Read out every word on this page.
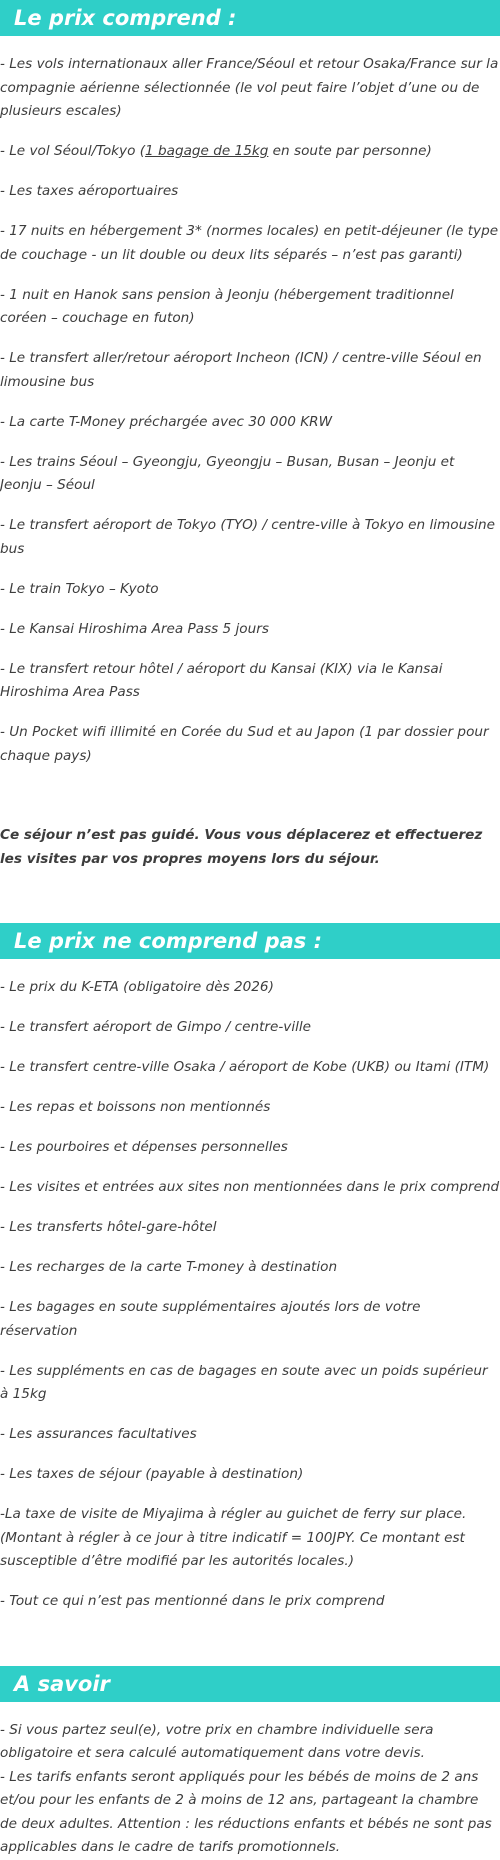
Le prix comprend :

- Les vols internationaux aller France/Séoul et retour Osaka/France sur la compagnie aérienne sélectionnée (le vol peut faire l’objet d’une ou de plusieurs escales)

- Le vol Séoul/Tokyo (1 bagage de 15kg en soute par personne)

- Les taxes aéroportuaires

- 17 nuits en hébergement 3* (normes locales) en petit-déjeuner (le type de couchage - un lit double ou deux lits séparés – n’est pas garanti)

- 1 nuit en Hanok sans pension à Jeonju (hébergement traditionnel coréen – couchage en futon)

- Le transfert aller/retour aéroport Incheon (ICN) / centre-ville Séoul en limousine bus

- La carte T-Money préchargée avec 30 000 KRW

- Les trains Séoul – Gyeongju, Gyeongju – Busan, Busan – Jeonju et Jeonju – Séoul

- Le transfert aéroport de Tokyo (TYO) / centre-ville à Tokyo en limousine bus

- Le train Tokyo – Kyoto

- Le Kansai Hiroshima Area Pass 5 jours

- Le transfert retour hôtel / aéroport du Kansai (KIX) via le Kansai Hiroshima Area Pass

- Un Pocket wifi illimité en Corée du Sud et au Japon (1 par dossier pour chaque pays)

Ce séjour n’est pas guidé. Vous vous déplacerez et effectuerez les visites par vos propres moyens lors du séjour.

Le prix ne comprend pas :

- Le prix du K-ETA (obligatoire dès 2026)

- Le transfert aéroport de Gimpo / centre-ville

- Le transfert centre-ville Osaka / aéroport de Kobe (UKB) ou Itami (ITM)

- Les repas et boissons non mentionnés

- Les pourboires et dépenses personnelles

- Les visites et entrées aux sites non mentionnées dans le prix comprend

- Les transferts hôtel-gare-hôtel

- Les recharges de la carte T-money à destination

- Les bagages en soute supplémentaires ajoutés lors de votre réservation

- Les suppléments en cas de bagages en soute avec un poids supérieur à 15kg

- Les assurances facultatives

- Les taxes de séjour (payable à destination)

-La taxe de visite de Miyajima à régler au guichet de ferry sur place. (Montant à régler à ce jour à titre indicatif = 100JPY. Ce montant est susceptible d’être modifié par les autorités locales.)

- Tout ce qui n’est pas mentionné dans le prix comprend

A savoir

- Si vous partez seul(e), votre prix en chambre individuelle sera obligatoire et sera calculé automatiquement dans votre devis.

- Les tarifs enfants seront appliqués pour les bébés de moins de 2 ans et/ou pour les enfants de 2 à moins de 12 ans, partageant la chambre

de deux adultes. Attention : les réductions enfants et bébés ne sont pas applicables dans le cadre de tarifs promotionnels.
